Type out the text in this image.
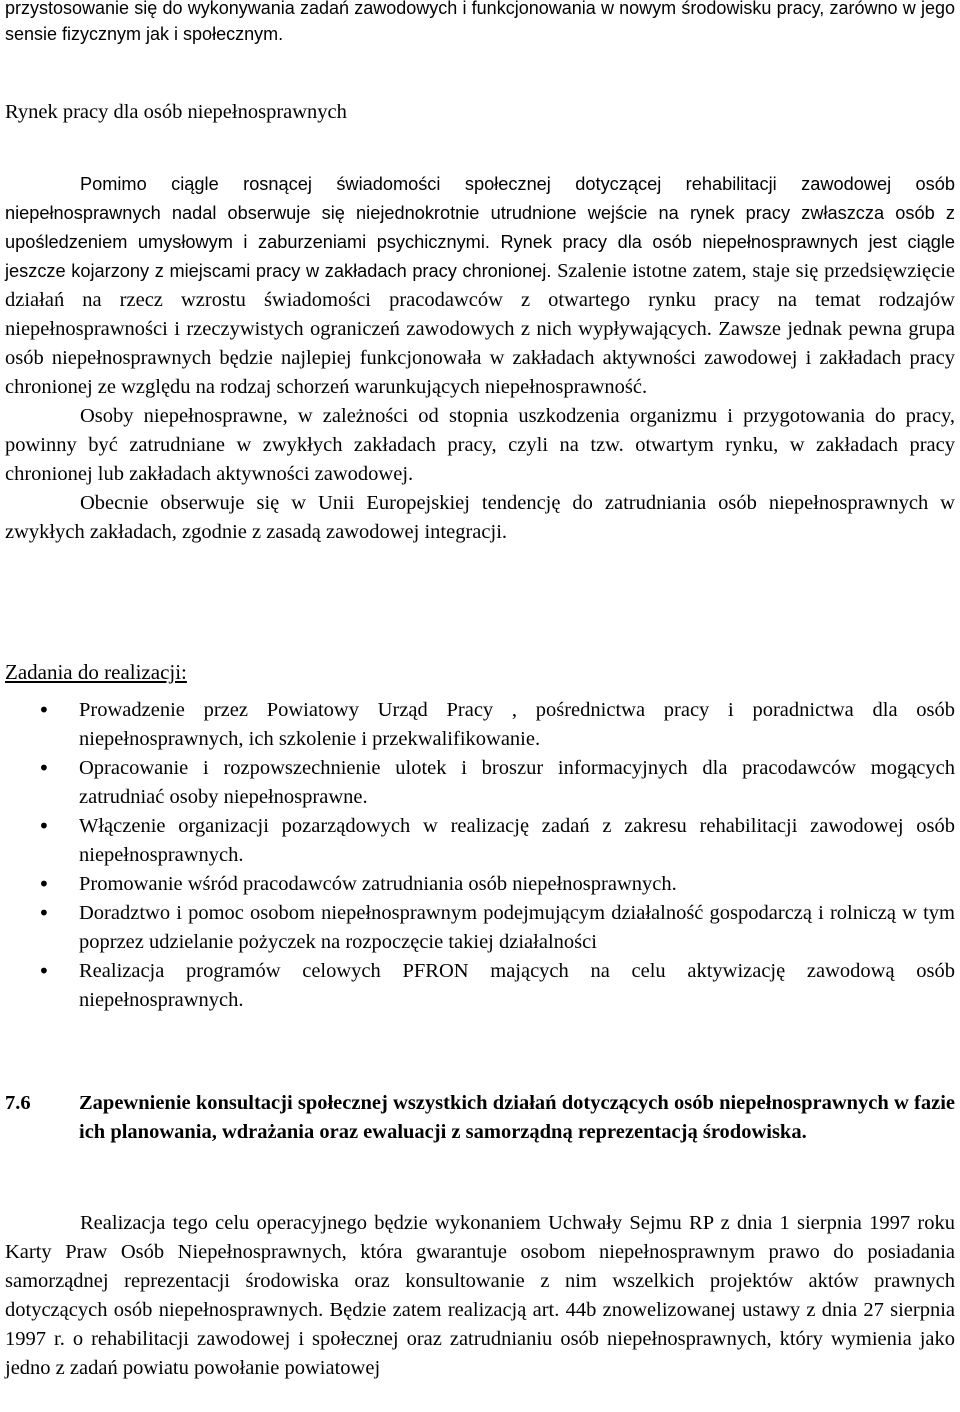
przystosowanie się do wykonywania zadań zawodowych i funkcjonowania w nowym środowisku pracy, zarówno w jego sensie fizycznym jak i społecznym.

Rynek pracy dla osób niepełnosprawnych

Pomimo ciągle rosnącej świadomości społecznej dotyczącej rehabilitacji zawodowej osób niepełnosprawnych nadal obserwuje się niejednokrotnie utrudnione wejście na rynek pracy zwłaszcza osób z upośledzeniem umysłowym i zaburzeniami psychicznymi. Rynek pracy dla osób niepełnosprawnych jest ciągle jeszcze kojarzony z miejscami pracy w zakładach pracy chronionej. Szalenie istotne zatem, staje się przedsięwzięcie działań na rzecz wzrostu świadomości pracodawców z otwartego rynku pracy na temat rodzajów niepełnosprawności i rzeczywistych ograniczeń zawodowych z nich wypływających. Zawsze jednak pewna grupa osób niepełnosprawnych będzie najlepiej funkcjonowała w zakładach aktywności zawodowej i zakładach pracy chronionej ze względu na rodzaj schorzeń warunkujących niepełnosprawność.

Osoby niepełnosprawne, w zależności od stopnia uszkodzenia organizmu i przygotowania do pracy, powinny być zatrudniane w zwykłych zakładach pracy, czyli na tzw. otwartym rynku, w zakładach pracy chronionej lub zakładach aktywności zawodowej.

Obecnie obserwuje się w Unii Europejskiej tendencję do zatrudniania osób niepełnosprawnych w zwykłych zakładach, zgodnie z zasadą zawodowej integracji.

Zadania do realizacji:
• Prowadzenie przez Powiatowy Urząd Pracy , pośrednictwa pracy i poradnictwa dla osób niepełnosprawnych, ich szkolenie i przekwalifikowanie.
• Opracowanie i rozpowszechnienie ulotek i broszur informacyjnych dla pracodawców mogących zatrudniać osoby niepełnosprawne.
• Włączenie organizacji pozarządowych w realizację zadań z zakresu rehabilitacji zawodowej osób niepełnosprawnych.
• Promowanie wśród pracodawców zatrudniania osób niepełnosprawnych.
• Doradztwo i pomoc osobom niepełnosprawnym podejmującym działalność gospodarczą i rolniczą w tym poprzez udzielanie pożyczek na rozpoczęcie takiej działalności
• Realizacja programów celowych PFRON mających na celu aktywizację zawodową osób niepełnosprawnych.
7.6	Zapewnienie konsultacji społecznej wszystkich działań dotyczących osób niepełnosprawnych w fazie ich planowania, wdrażania oraz ewaluacji z samorządną reprezentacją środowiska.

Realizacja tego celu operacyjnego będzie wykonaniem Uchwały Sejmu RP z dnia 1 sierpnia 1997 roku Karty Praw Osób Niepełnosprawnych, która gwarantuje osobom niepełnosprawnym prawo do posiadania samorządnej reprezentacji środowiska oraz konsultowanie z nim wszelkich projektów aktów prawnych dotyczących osób niepełnosprawnych. Będzie zatem realizacją art. 44b znowelizowanej ustawy z dnia 27 sierpnia 1997 r. o rehabilitacji zawodowej i społecznej oraz zatrudnianiu osób niepełnosprawnych, który wymienia jako jedno z zadań powiatu powołanie powiatowej
